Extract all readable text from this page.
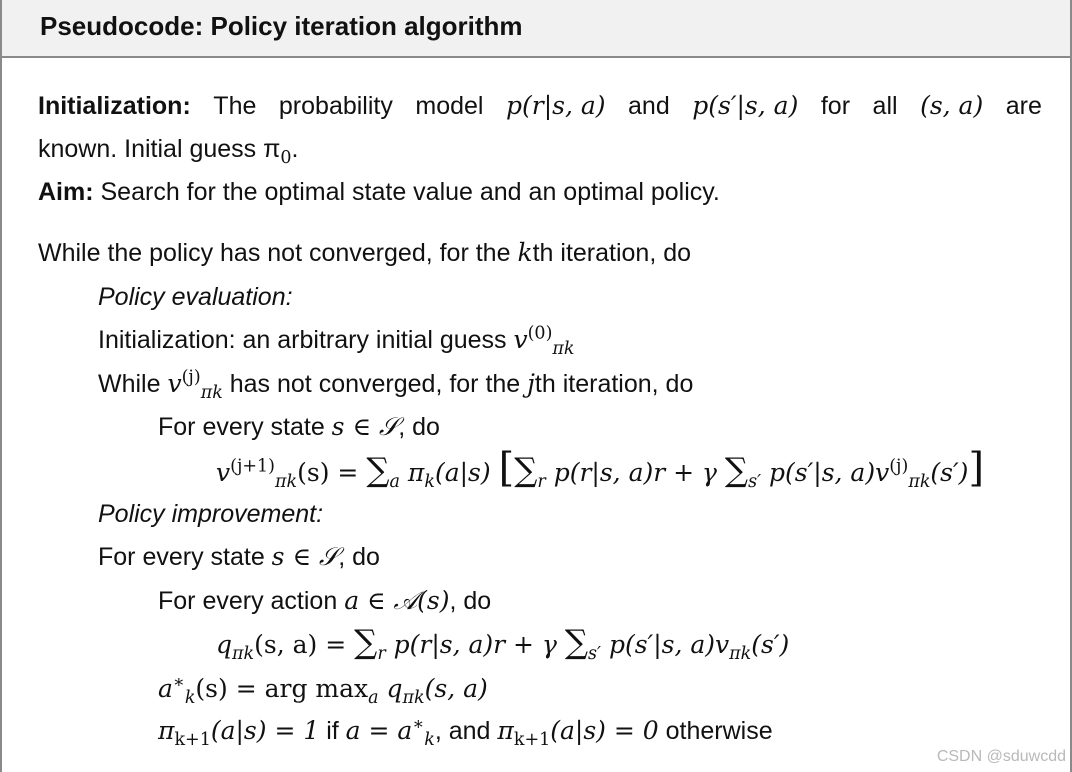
Pseudocode: Policy iteration algorithm
Initialization: The probability model p(r|s, a) and p(s′|s, a) for all (s, a) are
known. Initial guess $\pi_0$.
Aim: Search for the optimal state value and an optimal policy.
While the policy has not converged, for the kth iteration, do
Policy evaluation:
Initialization: an arbitrary initial guess $v^{(0)}_{\pi k}$
While $v^{(j)}_{\pi k}$ has not converged, for the jth iteration, do
For every state s ∈ 𝒮, do
$v^{(j+1)}_{\pi k}(s) = \sum_a$ $\pi_k(a|s)$ [$\sum_r$ p(r|s, a)r + γ $\sum_{s'}$ p(s′|s, $a)v^{(j)}_{\pi k}(s')$]
Policy improvement:
For every state s ∈ 𝒮, do
For every action a ∈ 𝒜(s), do
$q_{\pi k}(s$, $a) = \sum_r$ p(r|s, a)r + γ $\sum_{s'}$ p(s′|s, $a)v_{\pi k}(s')$
$a^∗_k(s)$ = arg $\max_a q_{\pi k}(s$, a)
$\pi_{k+1}(a|s) = 1$ if $a = a^∗_k$, and $\pi_{k+1}(a|s) = 0$ otherwise
CSDN @sduwcdd
